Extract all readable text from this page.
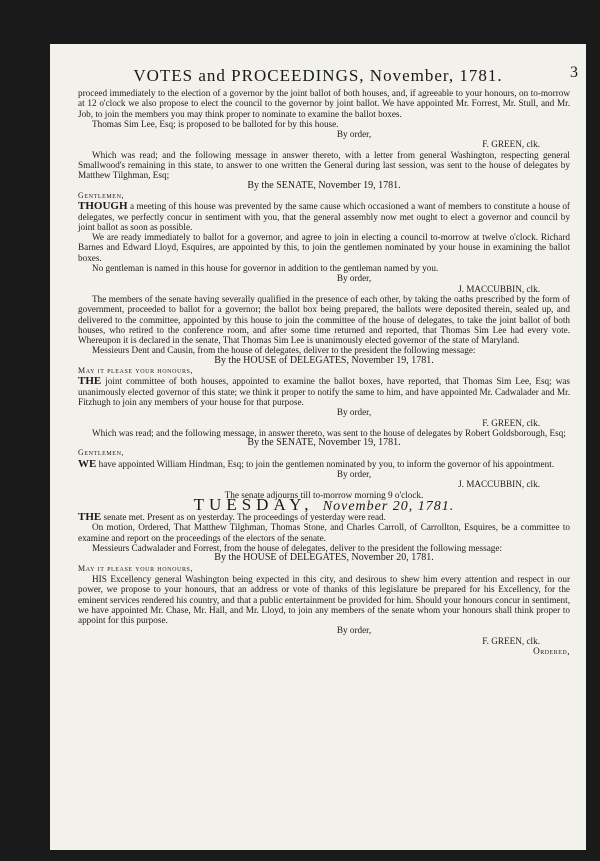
VOTES and PROCEEDINGS, November, 1781.	3

proceed immediately to the election of a governor by the joint ballot of both houses, and, if agreeable to your honours, on to-morrow at 12 o'clock we also propose to elect the council to the governor by joint ballot. We have appointed Mr. Forrest, Mr. Stull, and Mr. Job, to join the members you may think proper to nominate to examine the ballot boxes.

Thomas Sim Lee, Esq; is proposed to be balloted for by this house.

By order,

F. GREEN, clk.

Which was read; and the following message in answer thereto, with a letter from general Washington, respecting general Smallwood's remaining in this state, to answer to one written the General during last session, was sent to the house of delegates by Matthew Tilghman, Esq;

By the SENATE, November 19, 1781.

Gentlemen,

THOUGH a meeting of this house was prevented by the same cause which occasioned a want of members to constitute a house of delegates, we perfectly concur in sentiment with you, that the general assembly now met ought to elect a governor and council by joint ballot as soon as possible.

We are ready immediately to ballot for a governor, and agree to join in electing a council to-morrow at twelve o'clock. Richard Barnes and Edward Lloyd, Esquires, are appointed by this, to join the gentlemen nominated by your house in examining the ballot boxes.

No gentleman is named in this house for governor in addition to the gentleman named by you.

By order,

J. MACCUBBIN, clk.

The members of the senate having severally qualified in the presence of each other, by taking the oaths prescribed by the form of government, proceeded to ballot for a governor; the ballot box being prepared, the ballots were deposited therein, sealed up, and delivered to the committee, appointed by this house to join the committee of the house of delegates, to take the joint ballot of both houses, who retired to the conference room, and after some time returned and reported, that Thomas Sim Lee had every vote. Whereupon it is declared in the senate, That Thomas Sim Lee is unanimously elected governor of the state of Maryland.

Messieurs Dent and Causin, from the house of delegates, deliver to the president the following message:

By the HOUSE of DELEGATES, November 19, 1781.

May it please your honours,

THE joint committee of both houses, appointed to examine the ballot boxes, have reported, that Thomas Sim Lee, Esq; was unanimously elected governor of this state; we think it proper to notify the same to him, and have appointed Mr. Cadwalader and Mr. Fitzhugh to join any members of your house for that purpose.

By order,

F. GREEN, clk.

Which was read; and the following message, in answer thereto, was sent to the house of delegates by Robert Goldsborough, Esq;

By the SENATE, November 19, 1781.

Gentlemen,

WE have appointed William Hindman, Esq; to join the gentlemen nominated by you, to inform the governor of his appointment.

By order,

J. MACCUBBIN, clk.

The senate adjourns till to-morrow morning 9 o'clock.

TUESDAY, November 20, 1781.

THE senate met. Present as on yesterday. The proceedings of yesterday were read.

On motion, Ordered, That Matthew Tilghman, Thomas Stone, and Charles Carroll, of Carrollton, Esquires, be a committee to examine and report on the proceedings of the electors of the senate.

Messieurs Cadwalader and Forrest, from the house of delegates, deliver to the president the following message:

By the HOUSE of DELEGATES, November 20, 1781.

May it please your honours,

HIS Excellency general Washington being expected in this city, and desirous to shew him every attention and respect in our power, we propose to your honours, that an address or vote of thanks of this legislature be prepared for his Excellency, for the eminent services rendered his country, and that a public entertainment be provided for him. Should your honours concur in sentiment, we have appointed Mr. Chase, Mr. Hall, and Mr. Lloyd, to join any members of the senate whom your honours shall think proper to appoint for this purpose.

By order,

F. GREEN, clk.

Ordered,
